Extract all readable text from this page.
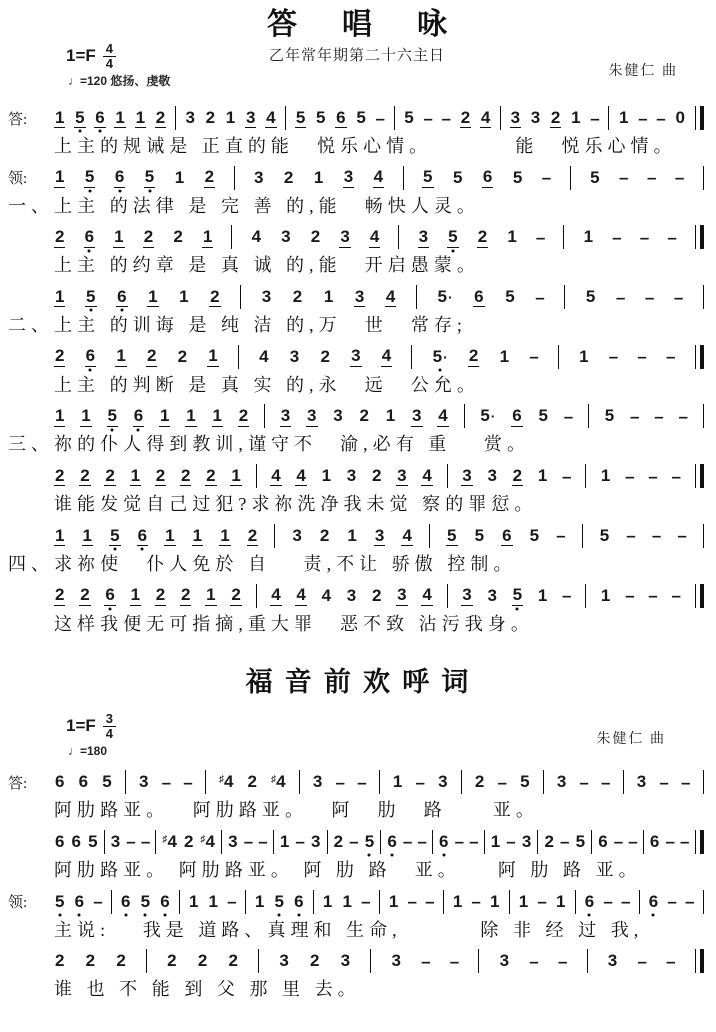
答唱咏
乙年常年期第二十六主日
$1=F \frac{4}{4}$
♩=120 悠扬、虔敬
朱健仁 曲
答:	1 5 6 1 1 2 3 2 1 3 4 5 5 6 5 – 5 – – 2 4 3 3 2 1 – 1 – – 0
上主的规诫是 正直的能　悦乐心情。　　　　能　悦乐心情。
领:	1 5 6 5 1 2 3 2 1 3 4 5 5 6 5 – 5 – – –
一、上主 的法律 是 完 善 的,能　畅快人灵。
2 6 1 2 2 1 4 3 2 3 4 3 5 2 1 – 1 – – –
上主 的约章 是 真 诚 的,能　开启愚蒙。
1 5 6 1 1 2 3 2 1 3 4 5· 6 5 – 5 – – –
二、上主 的训诲 是 纯 洁 的,万　世　常存;
2 6 1 2 2 1 4 3 2 3 4 5· 2 1 – 1 – – –
上主 的判断 是 真 实 的,永　远　公允。
1 1 5 6 1 1 1 2 3 3 3 2 1 3 4 5· 6 5 – 5 – – –
三、祢的仆人得到教训,谨守不　渝,必有 重　 赏。
2 2 2 1 2 2 2 1 4 4 1 3 2 3 4 3 3 2 1 – 1 – – –
谁能发觉自己过犯?求祢洗净我未觉 察的罪愆。
1 1 5 6 1 1 1 2 3 2 1 3 4 5 5 6 5 – 5 – – –
四、求祢使　仆人免於 自　 责,不让 骄傲 控制。
2 2 6 1 2 2 1 2 4 4 4 3 2 3 4 3 3 5 1 – 1 – – –
这样我便无可指摘,重大罪　恶不致 沾污我身。
福音前欢呼词
$1=F \frac{3}{4}$
♩=180
朱健仁 曲
答:	6 6 5 3 – –	♯4 2 ♯4 3 – – 1 – 3 2 – 5 3 – – 3 – –
阿肋路亚。　 阿肋路亚。　 阿　肋　路　　亚。
6 6 5 3 – – ♯4 2 ♯4 3 – – 1 – 3 2 – 5 6 – – 6 – – 1 – 3 2 – 5 6 – – 6 – –
阿肋路亚。 阿肋路亚。 阿 肋 路　亚。　　阿 肋 路 亚。
领:	5 6 – 6 5 6 1 1 – 1 5 6 1 1 – 1 – – 1 – 1 1 – 1 6 – – 6 – –
主说:　 我是 道路、真理和 生命,　　　 除 非 经 过 我,
2 2 2 2 2 2 3 2 3 3 – – 3 – – 3 – –
谁 也 不 能 到 父 那 里 去。
